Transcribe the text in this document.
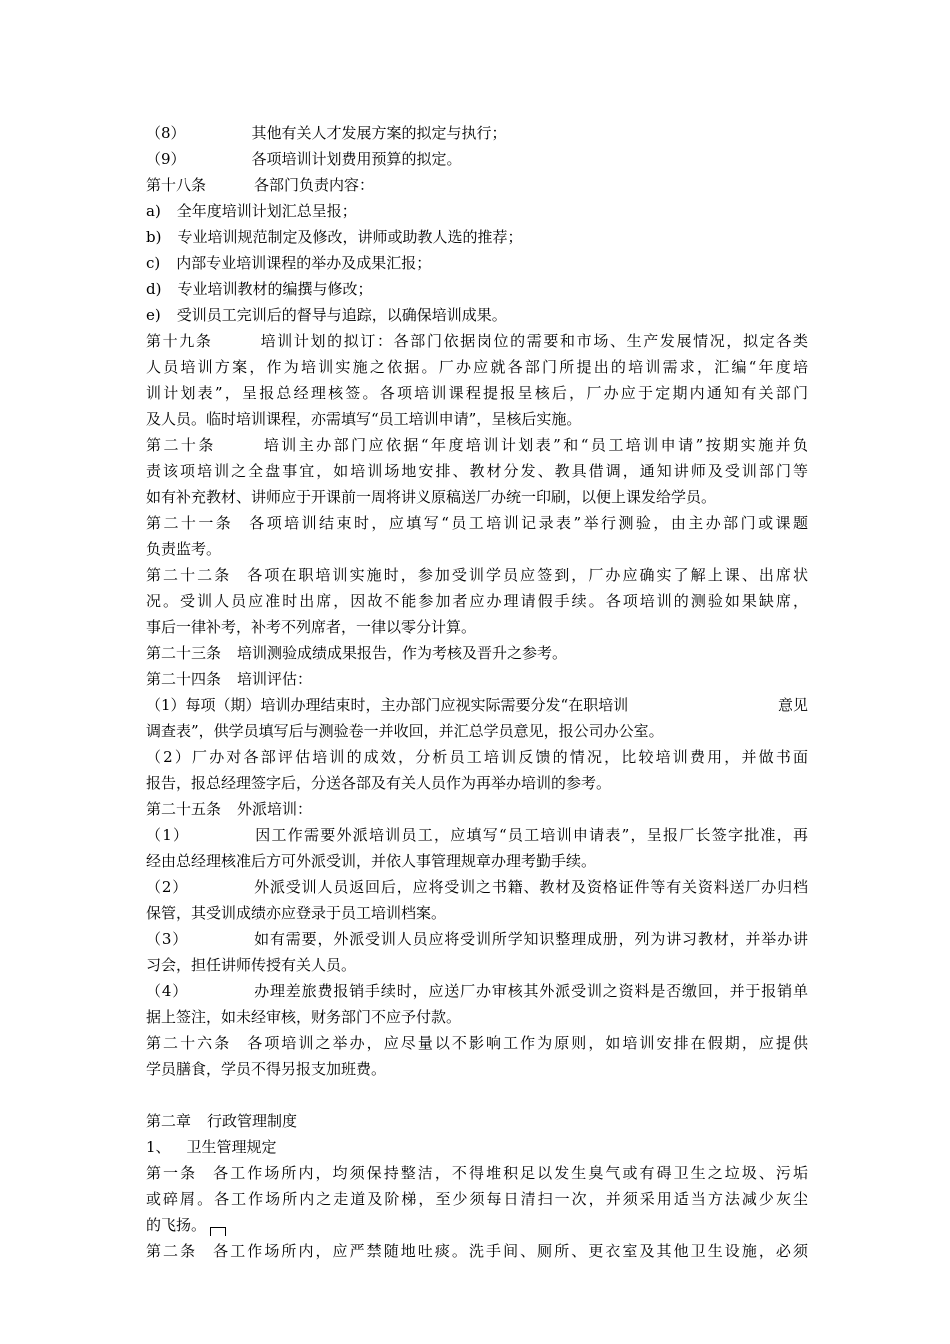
（8）	其他有关人才发展方案的拟定与执行；
（9）	各项培训计划费用预算的拟定。
第十八条	各部门负责内容：
a) 全年度培训计划汇总呈报；
b) 专业培训规范制定及修改，讲师或助教人选的推荐；
c) 内部专业培训课程的举办及成果汇报；
d) 专业培训教材的编撰与修改；
e) 受训员工完训后的督导与追踪，以确保培训成果。
第十九条	培训计划的拟订：各部门依据岗位的需要和市场、生产发展情况，拟定各类
人员培训方案，作为培训实施之依据。厂办应就各部门所提出的培训需求，汇编“年度培
训计划表”，呈报总经理核签。各项培训课程提报呈核后，厂办应于定期内通知有关部门
及人员。临时培训课程，亦需填写“员工培训申请”，呈核后实施。
第二十条	培训主办部门应依据“年度培训计划表”和“员工培训申请”按期实施并负
责该项培训之全盘事宜，如培训场地安排、教材分发、教具借调，通知讲师及受训部门等
如有补充教材、讲师应于开课前一周将讲义原稿送厂办统一印刷，以便上课发给学员。
第二十一条 各项培训结束时，应填写“员工培训记录表”举行测验，由主办部门或课题
负责监考。
第二十二条 各项在职培训实施时，参加受训学员应签到，厂办应确实了解上课、出席状
况。受训人员应准时出席，因故不能参加者应办理请假手续。各项培训的测验如果缺席，
事后一律补考，补考不列席者，一律以零分计算。
第二十三条 培训测验成绩成果报告，作为考核及晋升之参考。
第二十四条 培训评估：
（1）每项（期）培训办理结束时，主办部门应视实际需要分发“在职培训	意见
调查表”，供学员填写后与测验卷一并收回，并汇总学员意见，报公司办公室。
（2）厂办对各部评估培训的成效，分析员工培训反馈的情况，比较培训费用，并做书面
报告，报总经理签字后，分送各部及有关人员作为再举办培训的参考。
第二十五条 外派培训：
（1）	因工作需要外派培训员工，应填写“员工培训申请表”，呈报厂长签字批准，再
经由总经理核准后方可外派受训，并依人事管理规章办理考勤手续。
（2）	外派受训人员返回后，应将受训之书籍、教材及资格证件等有关资料送厂办归档
保管，其受训成绩亦应登录于员工培训档案。
（3）	如有需要，外派受训人员应将受训所学知识整理成册，列为讲习教材，并举办讲
习会，担任讲师传授有关人员。
（4）	办理差旅费报销手续时，应送厂办审核其外派受训之资料是否缴回，并于报销单
据上签注，如未经审核，财务部门不应予付款。
第二十六条 各项培训之举办，应尽量以不影响工作为原则，如培训安排在假期，应提供
学员膳食，学员不得另报支加班费。
第二章 行政管理制度
1、 卫生管理规定
第一条 各工作场所内，均须保持整洁，不得堆积足以发生臭气或有碍卫生之垃圾、污垢
或碎屑。各工作场所内之走道及阶梯，至少须每日清扫一次，并须采用适当方法减少灰尘
的飞扬。
第二条 各工作场所内，应严禁随地吐痰。洗手间、厕所、更衣室及其他卫生设施，必须
